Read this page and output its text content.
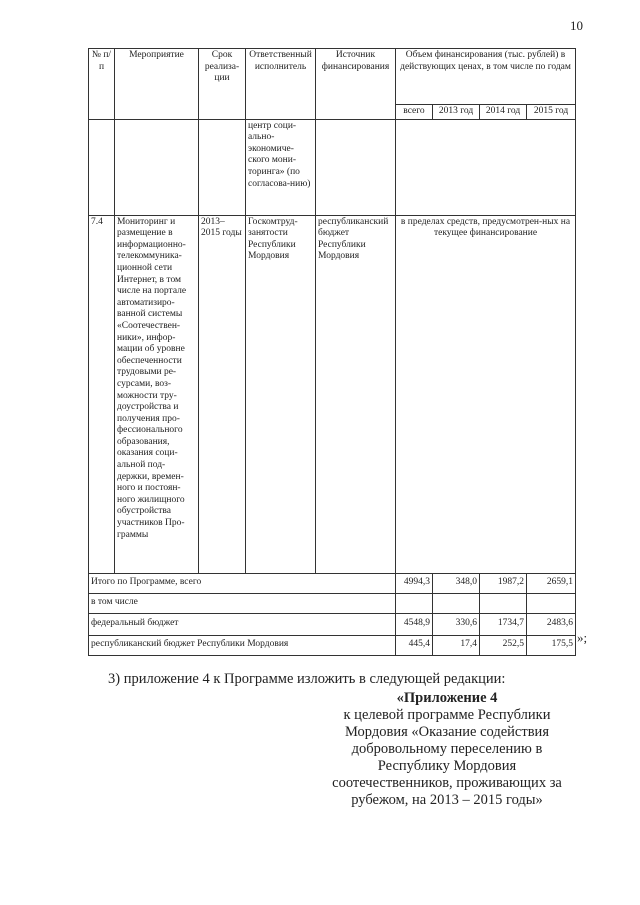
10
№ п/п	Мероприятие	Срок реализа-ции	Ответственный исполнитель	Источник финансирования	Объем финансирования (тыс. рублей) в действующих ценах, в том числе по годам			
					всего	2013 год	2014 год	2015 год
			центр соци-ально-экономиче-ского мони-торинга» (по согласова-нию)					
7.4	Мониторинг и размещение в информационно-телекоммуника-ционной сети Интернет, в том числе на портале автоматизиро-ванной системы «Соотечествен-ники», инфор-мации об уровне обеспеченности трудовыми ре-сурсами, воз-можности тру-доустройства и получения про-фессионального образования, оказания соци-альной под-держки, времен-ного и постоян-ного жилищного обустройства участников Про-граммы	2013–2015 годы	Госкомтруд-занятости Республики Мордовия	республиканский бюджет Республики Мордовия	в пределах средств, предусмотрен-ных на текущее финансирование			
Итого по Программе, всего					4994,3	348,0	1987,2	2659,1
в том числе								
федеральный бюджет					4548,9	330,6	1734,7	2483,6
республиканский бюджет Республики Мордовия					445,4	17,4	252,5	175,5 »;
3) приложение 4 к Программе изложить в следующей редакции:
«Приложение 4
к целевой программе Республики Мордовия «Оказание содействия добровольному переселению в Республику Мордовия соотечественников, проживающих за рубежом, на 2013 – 2015 годы»
